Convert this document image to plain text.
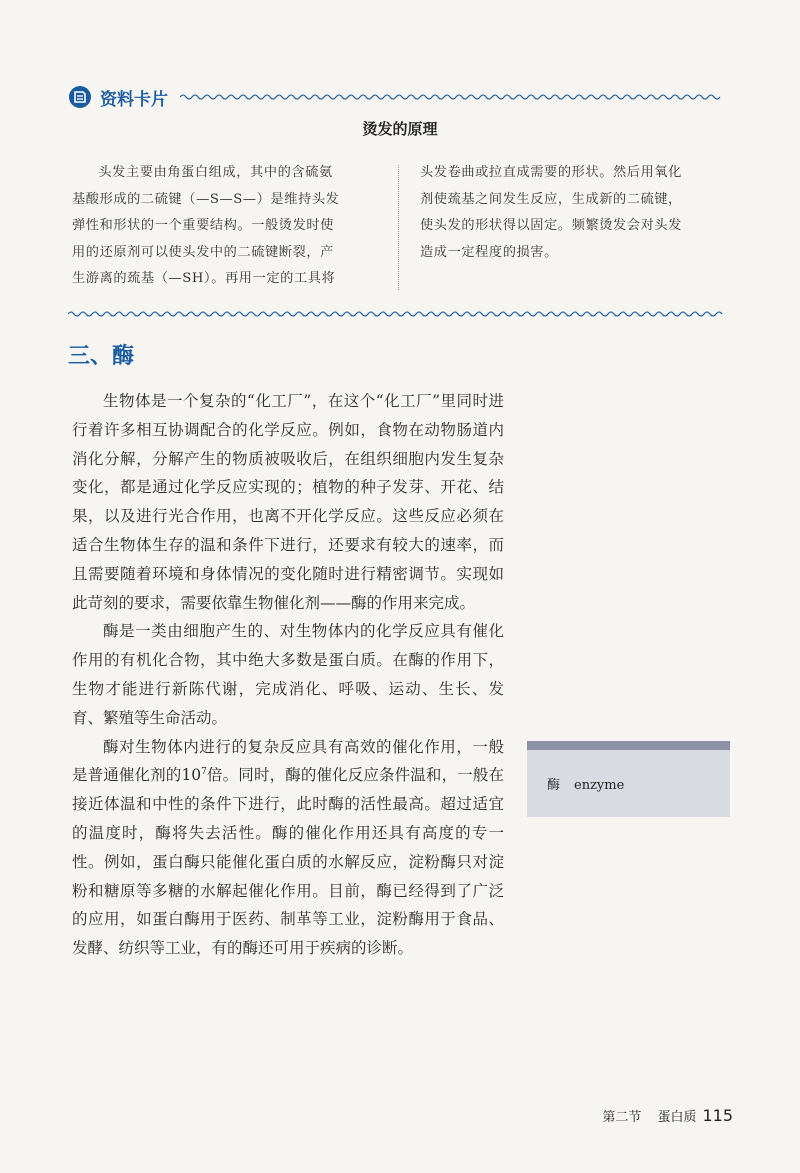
资料卡片
烫发的原理
头发主要由角蛋白组成，其中的含硫氨
基酸形成的二硫键（—S—S—）是维持头发
弹性和形状的一个重要结构。一般烫发时使
用的还原剂可以使头发中的二硫键断裂，产
生游离的巯基（—SH）。再用一定的工具将
头发卷曲或拉直成需要的形状。然后用氧化
剂使巯基之间发生反应，生成新的二硫键，
使头发的形状得以固定。频繁烫发会对头发
造成一定程度的损害。
三、酶

生物体是一个复杂的“化工厂”，在这个“化工厂”里同时进行着许多相互协调配合的化学反应。例如，食物在动物肠道内消化分解，分解产生的物质被吸收后，在组织细胞内发生复杂变化，都是通过化学反应实现的；植物的种子发芽、开花、结果，以及进行光合作用，也离不开化学反应。这些反应必须在适合生物体生存的温和条件下进行，还要求有较大的速率，而且需要随着环境和身体情况的变化随时进行精密调节。实现如此苛刻的要求，需要依靠生物催化剂——酶的作用来完成。

酶是一类由细胞产生的、对生物体内的化学反应具有催化作用的有机化合物，其中绝大多数是蛋白质。在酶的作用下，生物才能进行新陈代谢，完成消化、呼吸、运动、生长、发育、繁殖等生命活动。

酶对生物体内进行的复杂反应具有高效的催化作用，一般是普通催化剂的$10^7$倍。同时，酶的催化反应条件温和，一般在接近体温和中性的条件下进行，此时酶的活性最高。超过适宜的温度时，酶将失去活性。酶的催化作用还具有高度的专一性。例如，蛋白酶只能催化蛋白质的水解反应，淀粉酶只对淀粉和糖原等多糖的水解起催化作用。目前，酶已经得到了广泛的应用，如蛋白酶用于医药、制革等工业，淀粉酶用于食品、发酵、纺织等工业，有的酶还可用于疾病的诊断。

酶 enzyme
第二节 蛋白质 115
